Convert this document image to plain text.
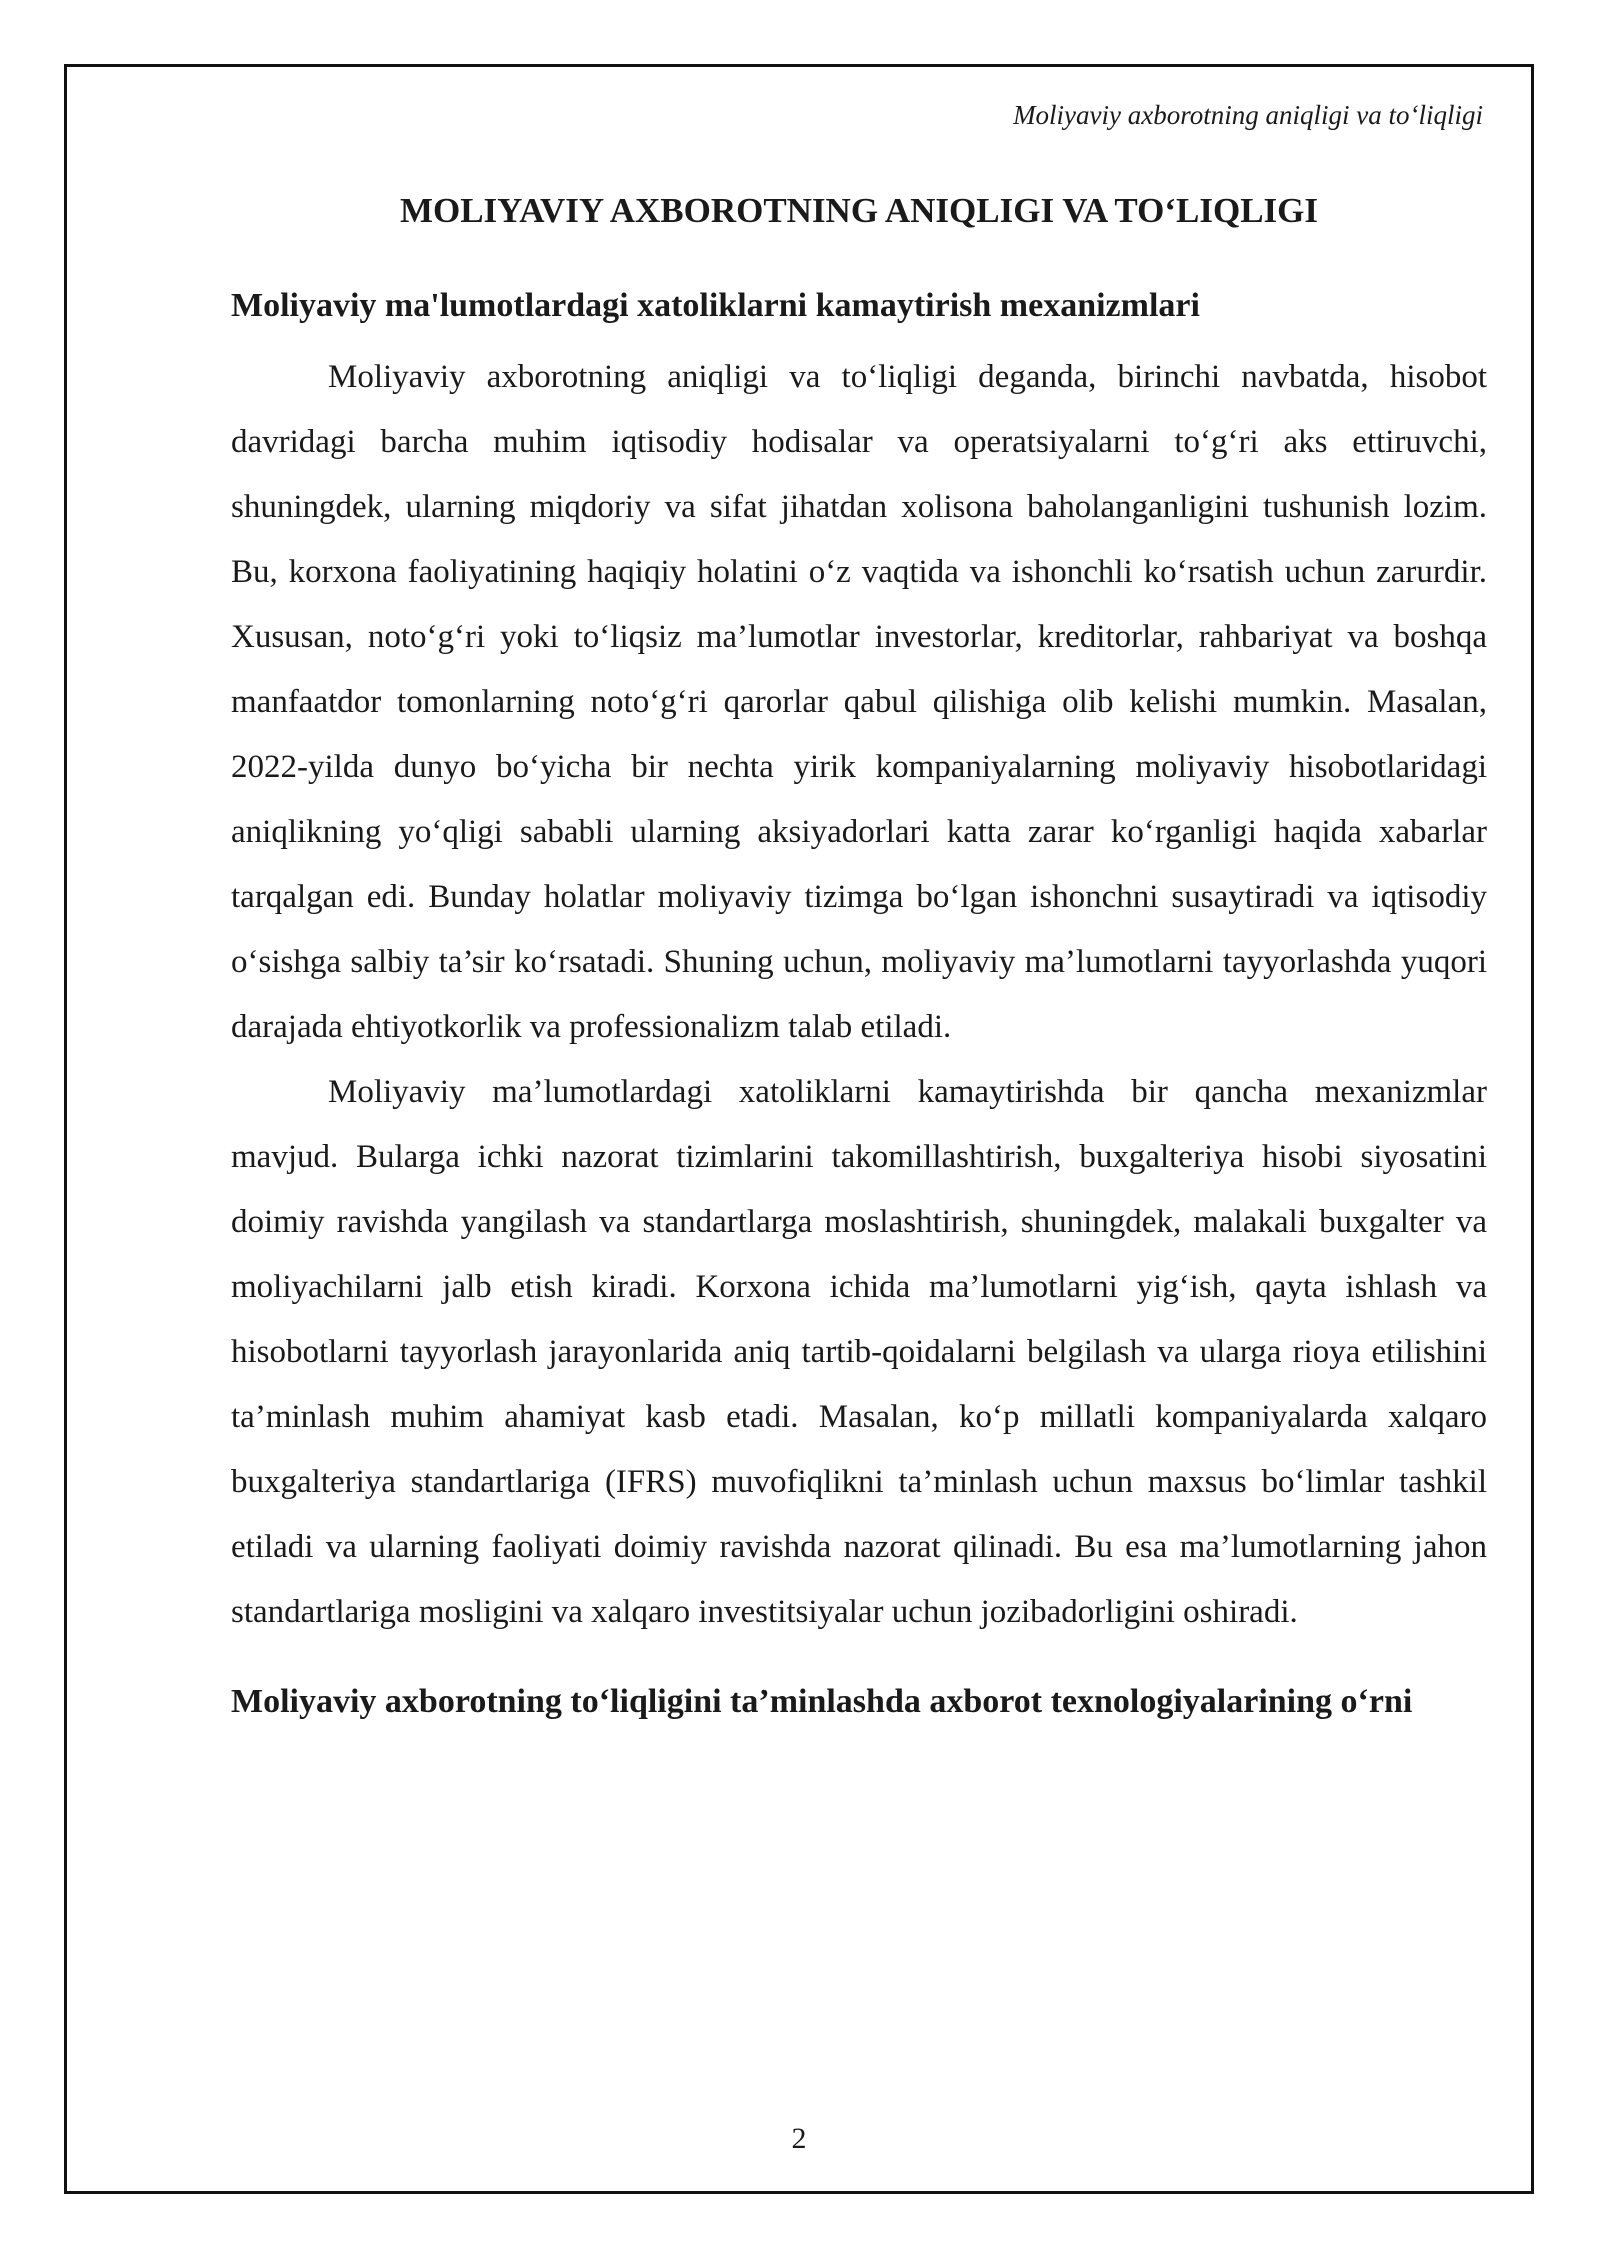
Moliyaviy axborotning aniqligi va to‘liqligi
MOLIYAVIY AXBOROTNING ANIQLIGI VA TO‘LIQLIGI
Moliyaviy ma'lumotlardagi xatoliklarni kamaytirish mexanizmlari

Moliyaviy axborotning aniqligi va to‘liqligi deganda, birinchi navbatda, hisobot davridagi barcha muhim iqtisodiy hodisalar va operatsiyalarni to‘g‘ri aks ettiruvchi, shuningdek, ularning miqdoriy va sifat jihatdan xolisona baholanganligini tushunish lozim. Bu, korxona faoliyatining haqiqiy holatini o‘z vaqtida va ishonchli ko‘rsatish uchun zarurdir. Xususan, noto‘g‘ri yoki to‘liqsiz ma’lumotlar investorlar, kreditorlar, rahbariyat va boshqa manfaatdor tomonlarning noto‘g‘ri qarorlar qabul qilishiga olib kelishi mumkin. Masalan, 2022-yilda dunyo bo‘yicha bir nechta yirik kompaniyalarning moliyaviy hisobotlaridagi aniqlikning yo‘qligi sababli ularning aksiyadorlari katta zarar ko‘rganligi haqida xabarlar tarqalgan edi. Bunday holatlar moliyaviy tizimga bo‘lgan ishonchni susaytiradi va iqtisodiy o‘sishga salbiy ta’sir ko‘rsatadi. Shuning uchun, moliyaviy ma’lumotlarni tayyorlashda yuqori darajada ehtiyotkorlik va professionalizm talab etiladi.

Moliyaviy ma’lumotlardagi xatoliklarni kamaytirishda bir qancha mexanizmlar mavjud. Bularga ichki nazorat tizimlarini takomillashtirish, buxgalteriya hisobi siyosatini doimiy ravishda yangilash va standartlarga moslashtirish, shuningdek, malakali buxgalter va moliyachilarni jalb etish kiradi. Korxona ichida ma’lumotlarni yig‘ish, qayta ishlash va hisobotlarni tayyorlash jarayonlarida aniq tartib-qoidalarni belgilash va ularga rioya etilishini ta’minlash muhim ahamiyat kasb etadi. Masalan, ko‘p millatli kompaniyalarda xalqaro buxgalteriya standartlariga (IFRS) muvofiqlikni ta’minlash uchun maxsus bo‘limlar tashkil etiladi va ularning faoliyati doimiy ravishda nazorat qilinadi. Bu esa ma’lumotlarning jahon standartlariga mosligini va xalqaro investitsiyalar uchun jozibadorligini oshiradi.

Moliyaviy axborotning to‘liqligini ta’minlashda axborot texnologiyalarining o‘rni
2
